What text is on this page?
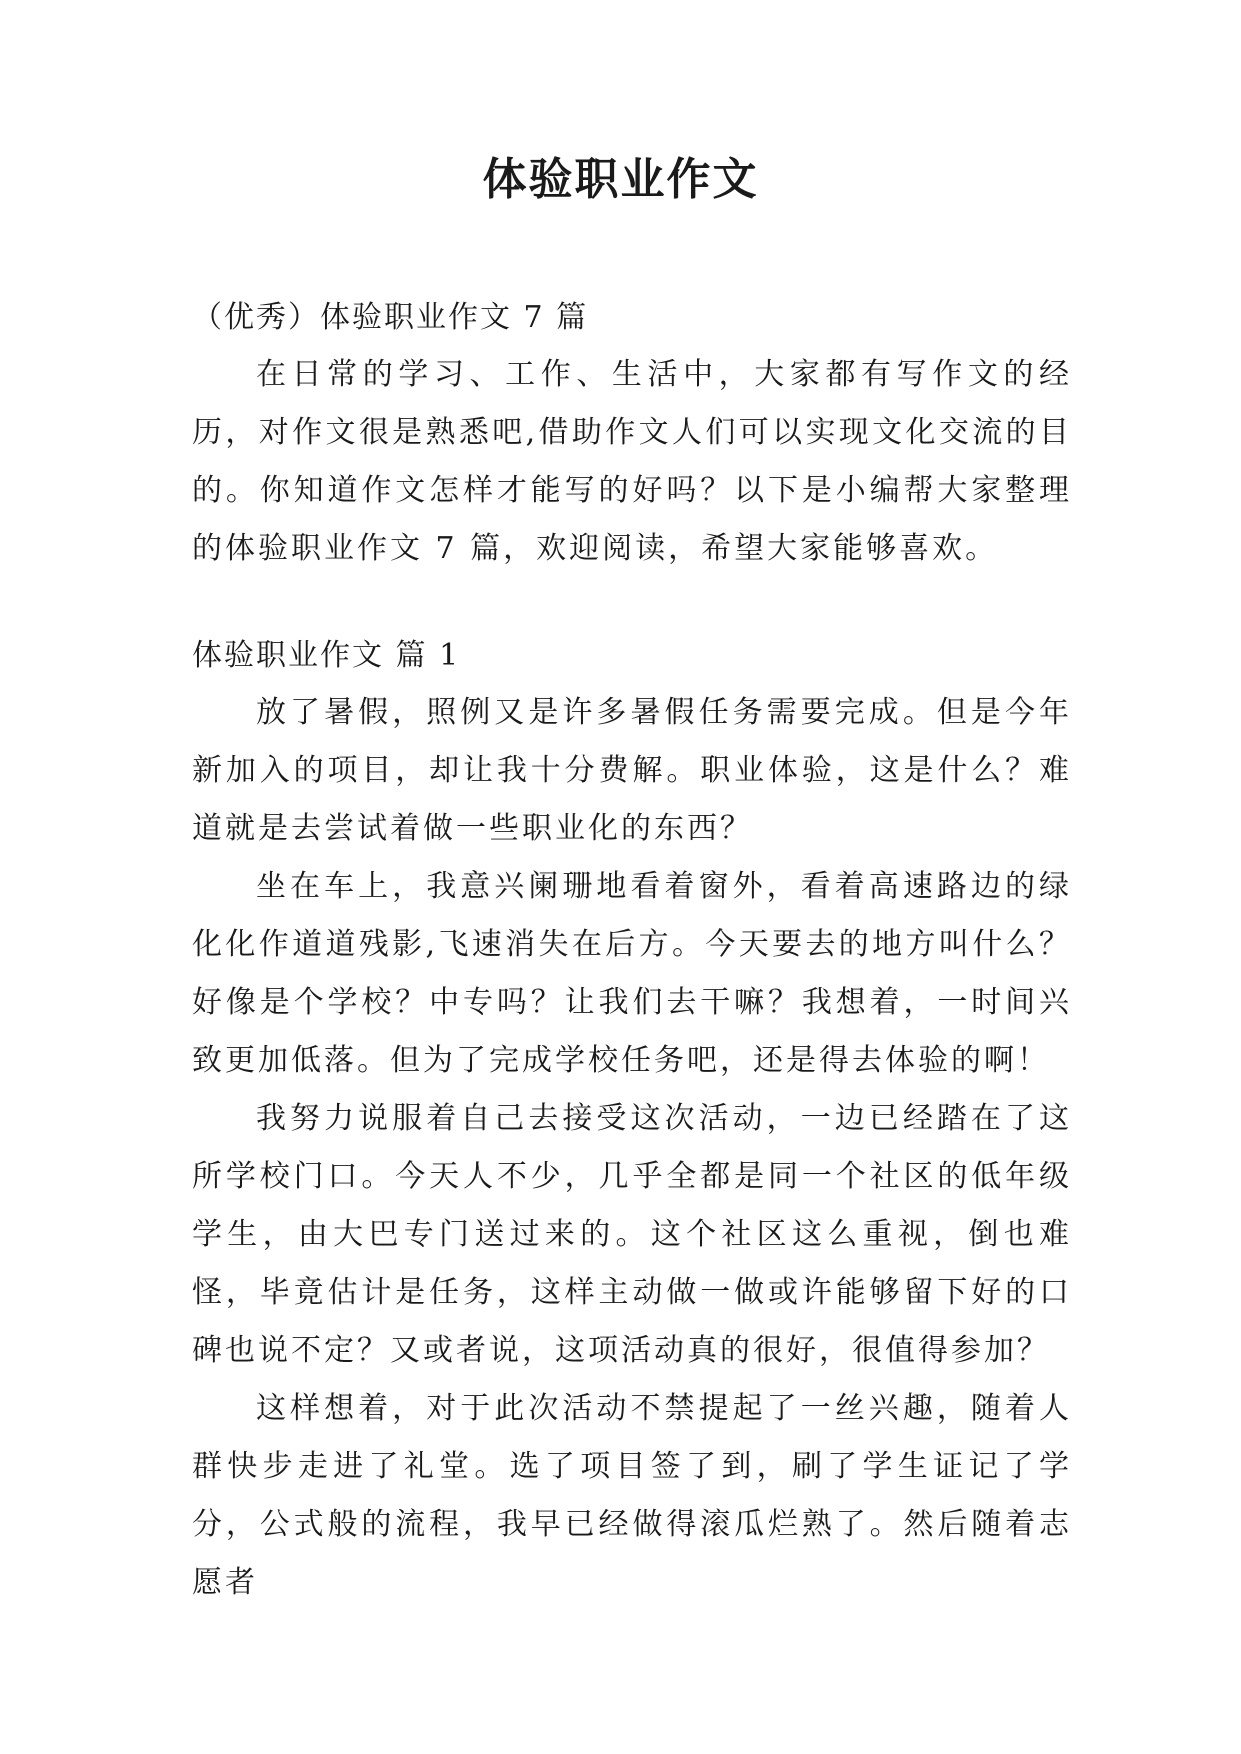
体验职业作文

（优秀）体验职业作文 7 篇

在日常的学习、工作、生活中，大家都有写作文的经历，对作文很是熟悉吧,借助作文人们可以实现文化交流的目的。你知道作文怎样才能写的好吗？以下是小编帮大家整理的体验职业作文 7 篇，欢迎阅读，希望大家能够喜欢。

体验职业作文 篇 1

放了暑假，照例又是许多暑假任务需要完成。但是今年新加入的项目，却让我十分费解。职业体验，这是什么？难道就是去尝试着做一些职业化的东西？

坐在车上，我意兴阑珊地看着窗外，看着高速路边的绿化化作道道残影,飞速消失在后方。今天要去的地方叫什么？好像是个学校？中专吗？让我们去干嘛？我想着，一时间兴致更加低落。但为了完成学校任务吧，还是得去体验的啊！

我努力说服着自己去接受这次活动，一边已经踏在了这所学校门口。今天人不少，几乎全都是同一个社区的低年级学生，由大巴专门送过来的。这个社区这么重视，倒也难怪，毕竟估计是任务，这样主动做一做或许能够留下好的口碑也说不定？又或者说，这项活动真的很好，很值得参加？

这样想着，对于此次活动不禁提起了一丝兴趣，随着人群快步走进了礼堂。选了项目签了到，刷了学生证记了学分，公式般的流程，我早已经做得滚瓜烂熟了。然后随着志愿者
